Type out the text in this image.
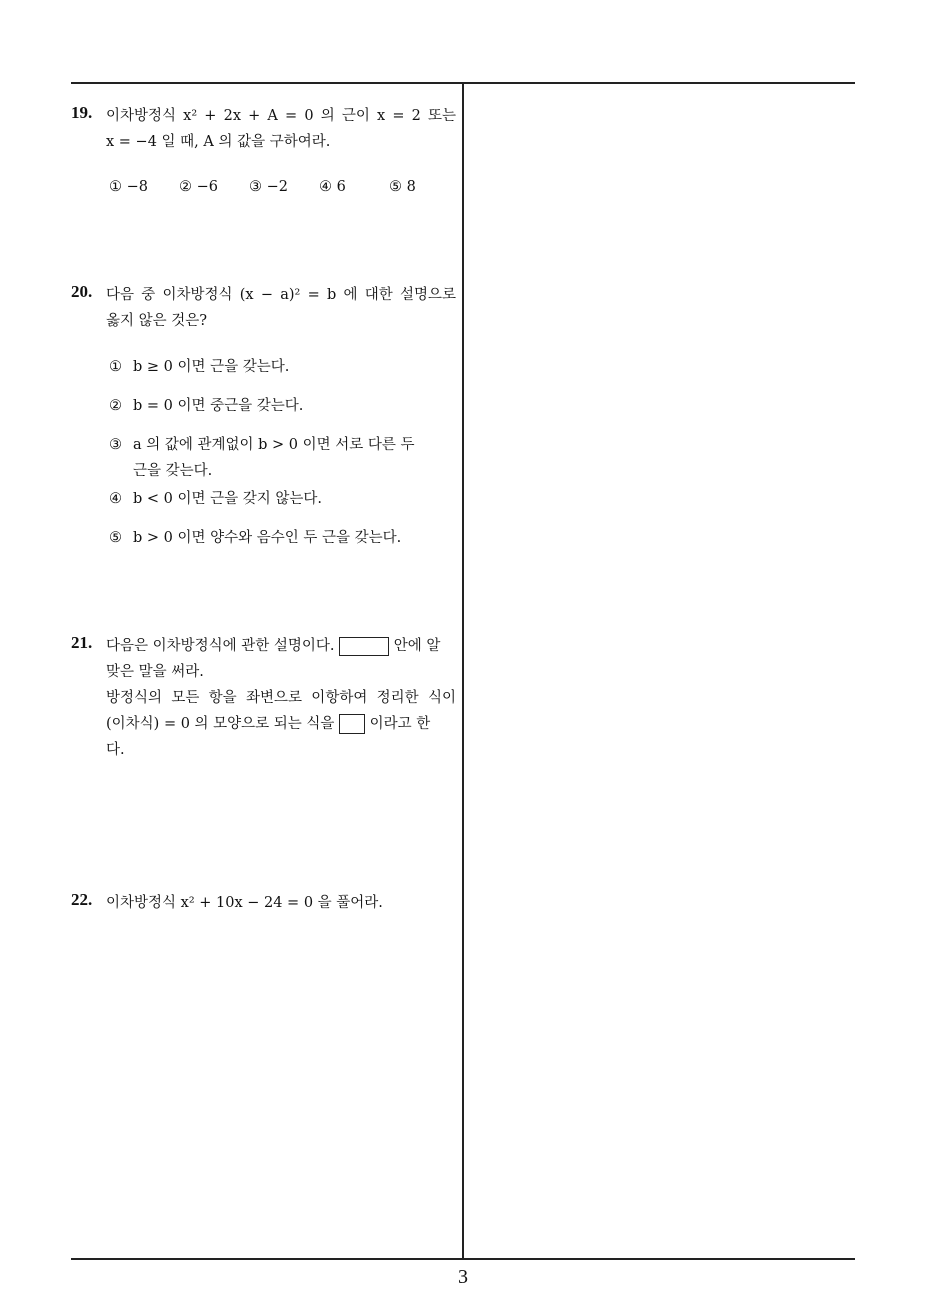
19. 이차방정식 x² + 2x + A = 0 의 근이 x = 2 또는
x = −4 일 때, A 의 값을 구하여라.
① −8 ② −6 ③ −2 ④ 6	⑤ 8
20. 다음 중 이차방정식 (x − a)² = b 에 대한 설명으로
옳지 않은 것은?
① b ≥ 0 이면 근을 갖는다.
② b = 0 이면 중근을 갖는다.
③ a 의 값에 관계없이 b > 0 이면 서로 다른 두
근을 갖는다.
④ b < 0 이면 근을 갖지 않는다.
⑤ b > 0 이면 양수와 음수인 두 근을 갖는다.
21. 다음은 이차방정식에 관한 설명이다.	안에 알
맞은 말을 써라.
방정식의 모든 항을 좌변으로 이항하여 정리한 식이
(이차식) = 0 의 모양으로 되는 식을 이라고 한
다.
22. 이차방정식 x² + 10x − 24 = 0 을 풀어라.
3
